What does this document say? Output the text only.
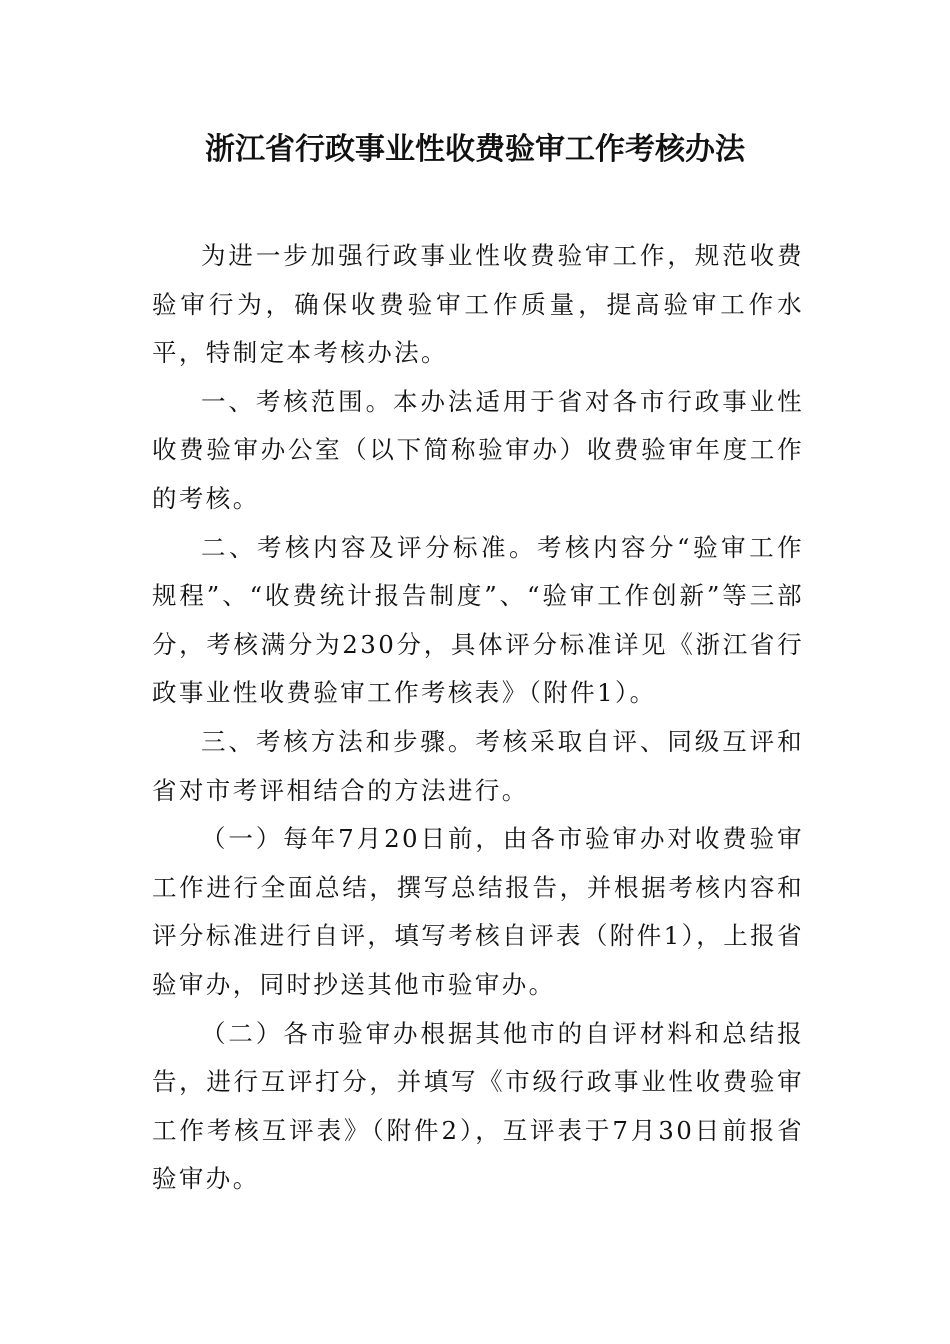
浙江省行政事业性收费验审工作考核办法

为进一步加强行政事业性收费验审工作，规范收费验审行为，确保收费验审工作质量，提高验审工作水平，特制定本考核办法。

一、考核范围。本办法适用于省对各市行政事业性收费验审办公室（以下简称验审办）收费验审年度工作的考核。

二、考核内容及评分标准。考核内容分“验审工作规程”、“收费统计报告制度”、“验审工作创新”等三部分，考核满分为230分，具体评分标准详见《浙江省行政事业性收费验审工作考核表》（附件1）。

三、考核方法和步骤。考核采取自评、同级互评和省对市考评相结合的方法进行。

（一）每年7月20日前，由各市验审办对收费验审工作进行全面总结，撰写总结报告，并根据考核内容和评分标准进行自评，填写考核自评表（附件1），上报省验审办，同时抄送其他市验审办。

（二）各市验审办根据其他市的自评材料和总结报告，进行互评打分，并填写《市级行政事业性收费验审工作考核互评表》（附件2），互评表于7月30日前报省验审办。
